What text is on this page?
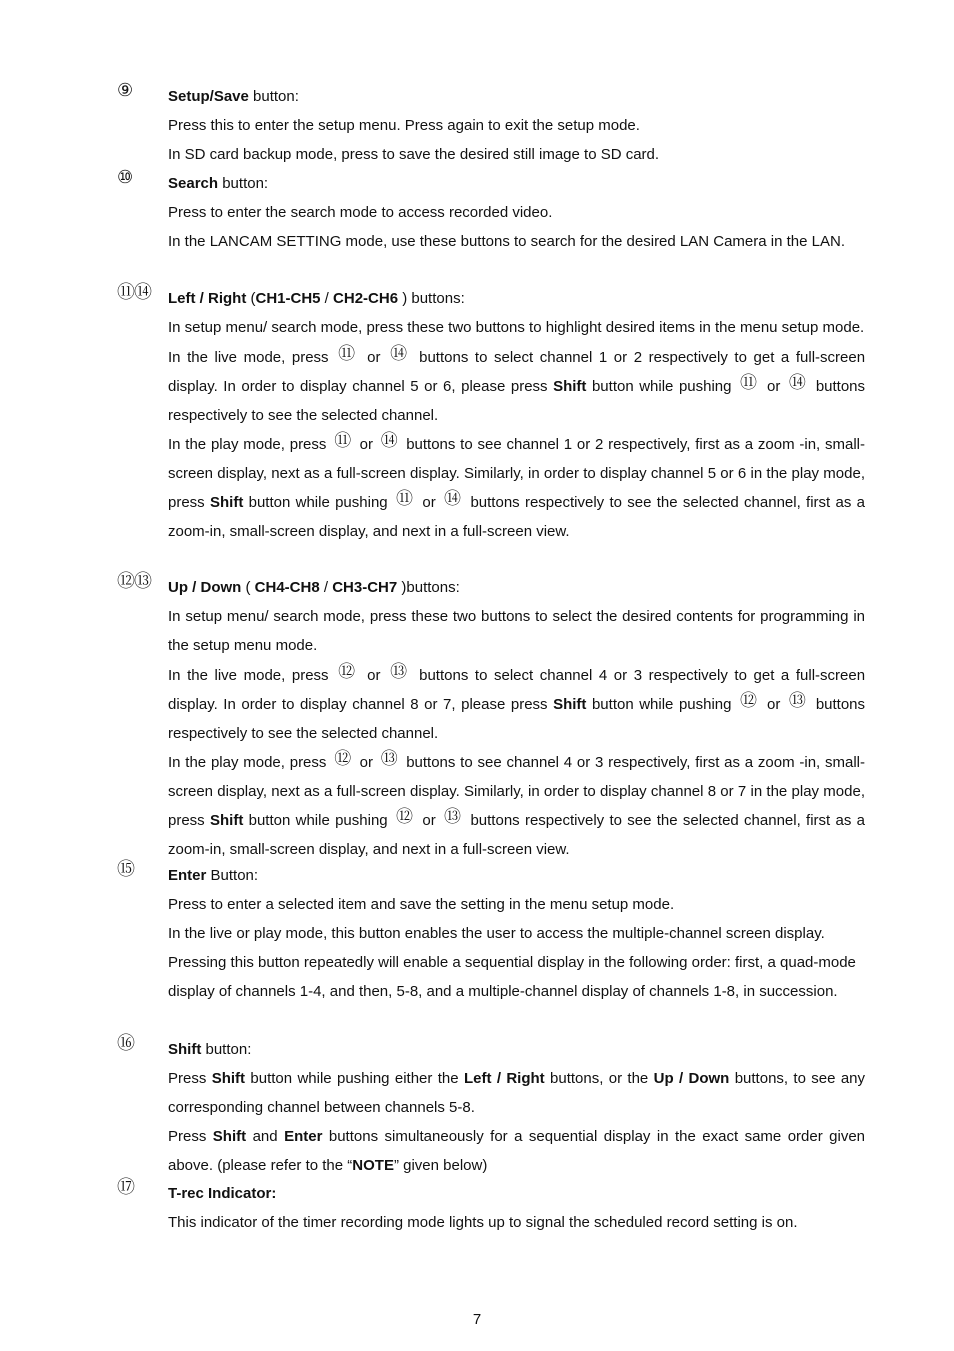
⑨ Setup/Save button:

Press this to enter the setup menu. Press again to exit the setup mode.

In SD card backup mode, press to save the desired still image to SD card.

⑩ Search button:

Press to enter the search mode to access recorded video.

In the LANCAM SETTING mode, use these buttons to search for the desired LAN Camera in the LAN.

⑪⑭ Left / Right (CH1-CH5 / CH2-CH6 ) buttons:

In setup menu/ search mode, press these two buttons to highlight desired items in the menu setup mode.

In the live mode, press ⑪ or ⑭ buttons to select channel 1 or 2 respectively to get a full-screen display. In order to display channel 5 or 6, please press Shift button while pushing ⑪ or ⑭ buttons respectively to see the selected channel.

In the play mode, press ⑪ or ⑭ buttons to see channel 1 or 2 respectively, first as a zoom -in, small-screen display, next as a full-screen display. Similarly, in order to display channel 5 or 6 in the play mode, press Shift button while pushing ⑪ or ⑭ buttons respectively to see the selected channel, first as a zoom-in, small-screen display, and next in a full-screen view.

⑫⑬ Up / Down ( CH4-CH8 / CH3-CH7 )buttons:

In setup menu/ search mode, press these two buttons to select the desired contents for programming in the setup menu mode.

In the live mode, press ⑫ or ⑬ buttons to select channel 4 or 3 respectively to get a full-screen display. In order to display channel 8 or 7, please press Shift button while pushing ⑫ or ⑬ buttons respectively to see the selected channel.

In the play mode, press ⑫ or ⑬ buttons to see channel 4 or 3 respectively, first as a zoom -in, small-screen display, next as a full-screen display. Similarly, in order to display channel 8 or 7 in the play mode, press Shift button while pushing ⑫ or ⑬ buttons respectively to see the selected channel, first as a zoom-in, small-screen display, and next in a full-screen view.

⑮ Enter Button:

Press to enter a selected item and save the setting in the menu setup mode.

In the live or play mode, this button enables the user to access the multiple-channel screen display. Pressing this button repeatedly will enable a sequential display in the following order: first, a quad-mode display of channels 1-4, and then, 5-8, and a multiple-channel display of channels 1-8, in succession.

⑯ Shift button:

Press Shift button while pushing either the Left / Right buttons, or the Up / Down buttons, to see any corresponding channel between channels 5-8.

Press Shift and Enter buttons simultaneously for a sequential display in the exact same order given above. (please refer to the “NOTE” given below)

⑰ T-rec Indicator:

This indicator of the timer recording mode lights up to signal the scheduled record setting is on.

7
